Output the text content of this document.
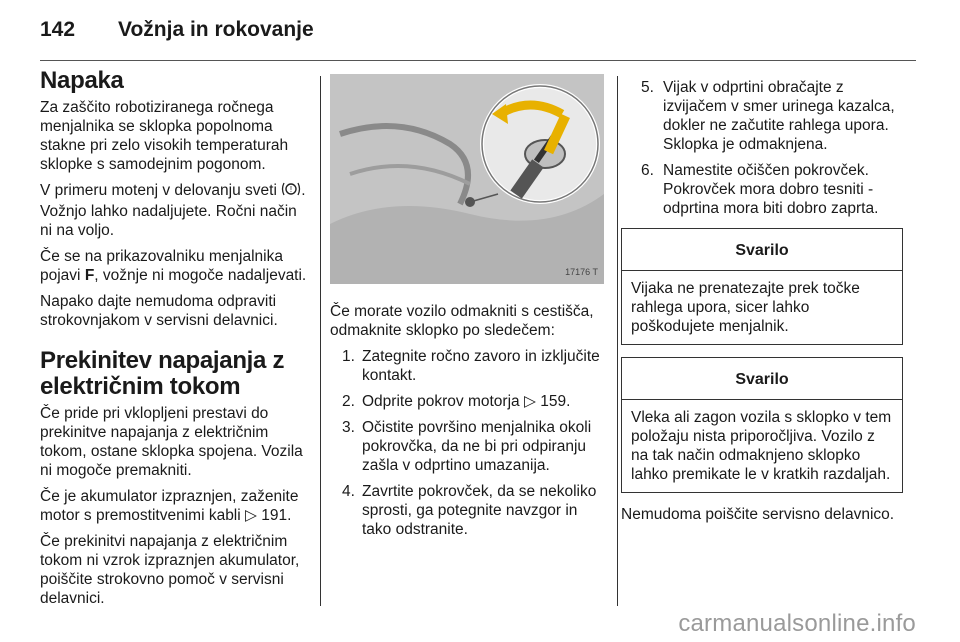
142 Vožnja in rokovanje
Napaka

Za zaščito robotiziranega ročnega menjalnika se sklopka popolnoma stakne pri zelo visokih temperaturah sklopke s samodejnim pogonom.

V primeru motenj v delovanju sveti ! . Vožnjo lahko nadaljujete. Ročni način ni na voljo.

Če se na prikazovalniku menjalnika pojavi F, vožnje ni mogoče nadaljevati.

Napako dajte nemudoma odpraviti strokovnjakom v servisni delavnici.

Prekinitev napajanja z električnim tokom

Če pride pri vklopljeni prestavi do prekinitve napajanja z električnim tokom, ostane sklopka spojena. Vozila ni mogoče premakniti.

Če je akumulator izpraznjen, zaženite motor s premostitvenimi kabli ▷ 191.

Če prekinitvi napajanja z električnim tokom ni vzrok izpraznjen akumulator, poiščite strokovno pomoč v servisni delavnici.

17176 T

Če morate vozilo odmakniti s cestišča, odmaknite sklopko po sledečem:

1. Zategnite ročno zavoro in izključite kontakt.
2. Odprite pokrov motorja ▷ 159.
3. Očistite površino menjalnika okoli pokrovčka, da ne bi pri odpiranju zašla v odprtino umazanija.
4. Zavrtite pokrovček, da se nekoliko sprosti, ga potegnite navzgor in tako odstranite.
5. Vijak v odprtini obračajte z izvijačem v smer urinega kazalca, dokler ne začutite rahlega upora. Sklopka je odmaknjena.
6. Namestite očiščen pokrovček. Pokrovček mora dobro tesniti - odprtina mora biti dobro zaprta.
Svarilo
Vijaka ne prenatezajte prek točke rahlega upora, sicer lahko poškodujete menjalnik.
Svarilo
Vleka ali zagon vozila s sklopko v tem položaju nista priporočljiva. Vozilo z na tak način odmaknjeno sklopko lahko premikate le v kratkih razdaljah.

Nemudoma poiščite servisno delavnico.

carmanualsonline.info
